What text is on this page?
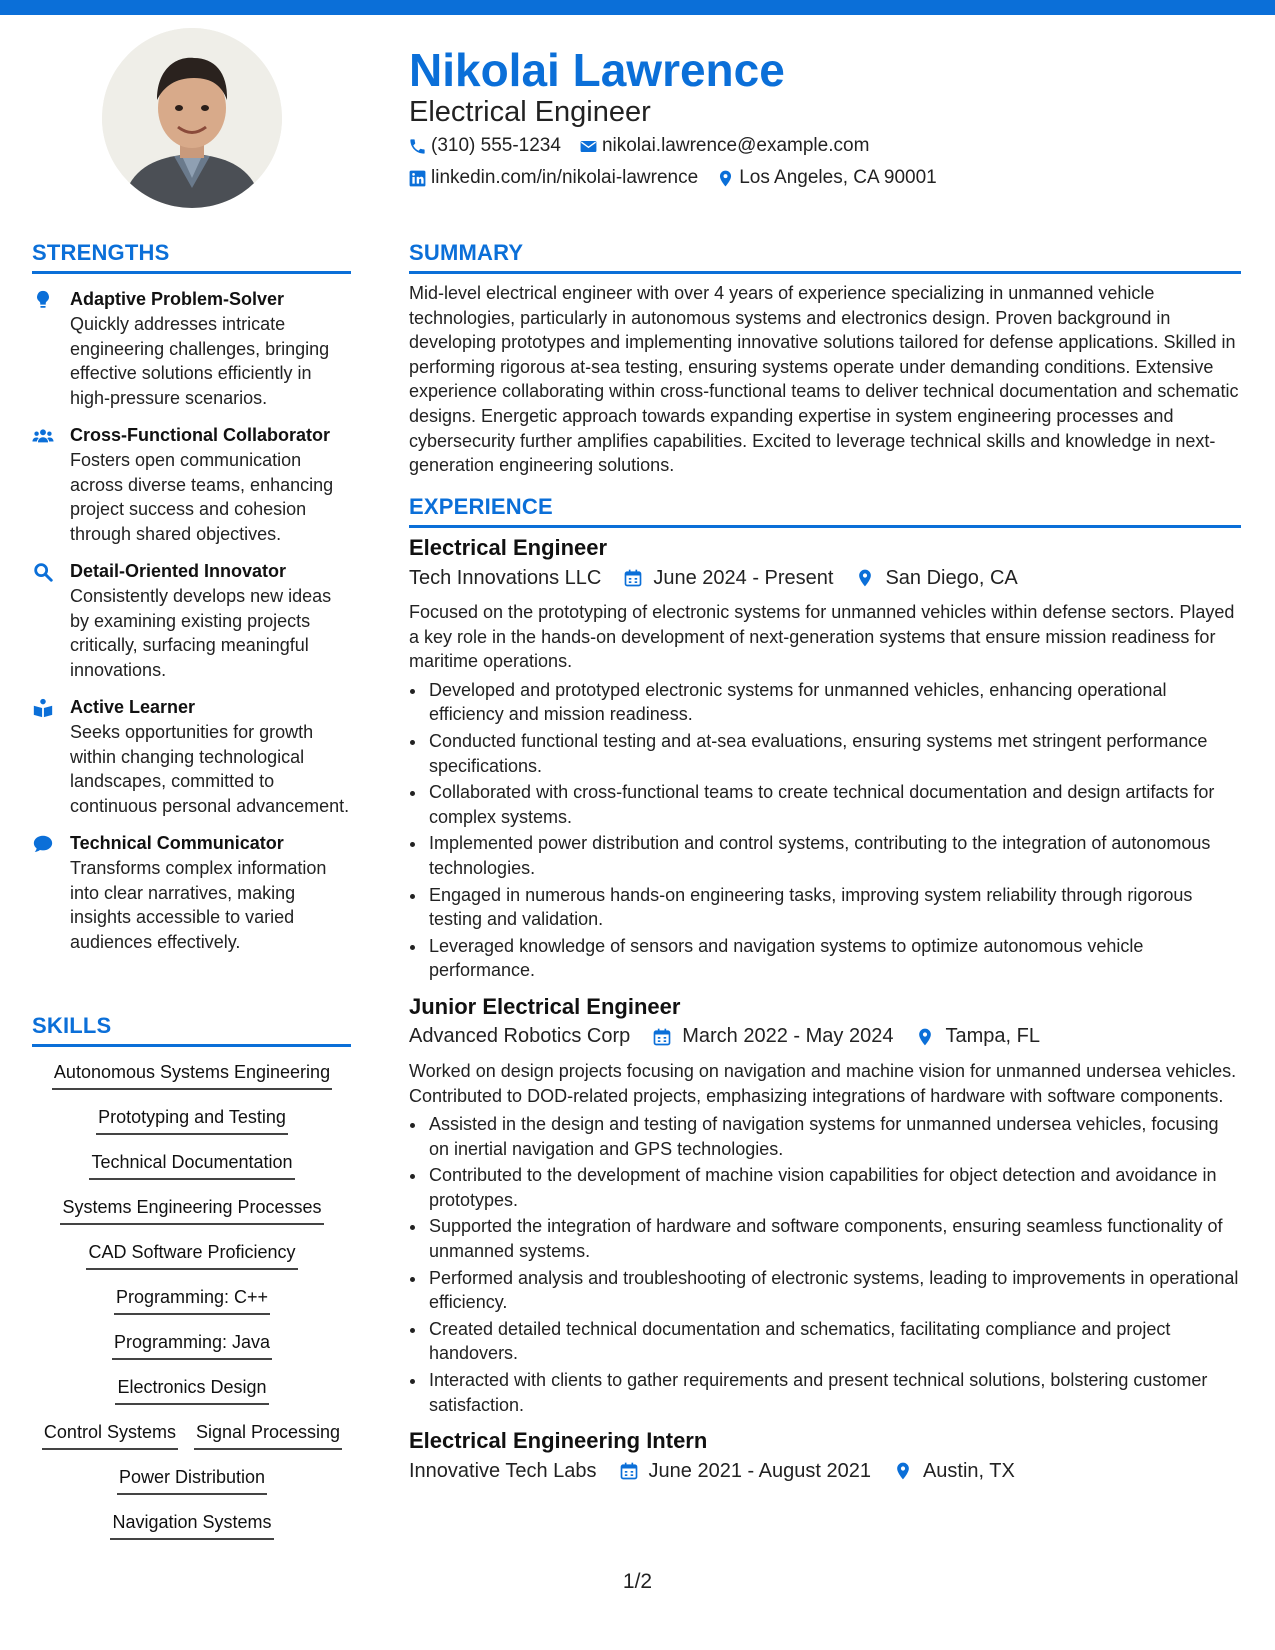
Nikolai Lawrence
Electrical Engineer
(310) 555-1234 nikolai.lawrence@example.com
linkedin.com/in/nikolai-lawrence Los Angeles, CA 90001
STRENGTHS
Adaptive Problem-Solver
Quickly addresses intricate engineering challenges, bringing effective solutions efficiently in high-pressure scenarios.
Cross-Functional Collaborator
Fosters open communication across diverse teams, enhancing project success and cohesion through shared objectives.
Detail-Oriented Innovator
Consistently develops new ideas by examining existing projects critically, surfacing meaningful innovations.
Active Learner
Seeks opportunities for growth within changing technological landscapes, committed to continuous personal advancement.
Technical Communicator
Transforms complex information into clear narratives, making insights accessible to varied audiences effectively.
SKILLS
Autonomous Systems Engineering
Prototyping and Testing
Technical Documentation
Systems Engineering Processes
CAD Software Proficiency
Programming: C++
Programming: Java
Electronics Design
Control Systems Signal Processing
Power Distribution
Navigation Systems
SUMMARY

Mid-level electrical engineer with over 4 years of experience specializing in unmanned vehicle technologies, particularly in autonomous systems and electronics design. Proven background in developing prototypes and implementing innovative solutions tailored for defense applications. Skilled in performing rigorous at-sea testing, ensuring systems operate under demanding conditions. Extensive experience collaborating within cross-functional teams to deliver technical documentation and schematic designs. Energetic approach towards expanding expertise in system engineering processes and cybersecurity further amplifies capabilities. Excited to leverage technical skills and knowledge in next-generation engineering solutions.

EXPERIENCE
Electrical Engineer
Tech Innovations LLC	June 2024 - Present	San Diego, CA

Focused on the prototyping of electronic systems for unmanned vehicles within defense sectors. Played a key role in the hands-on development of next-generation systems that ensure mission readiness for maritime operations.

• Developed and prototyped electronic systems for unmanned vehicles, enhancing operational efficiency and mission readiness.
• Conducted functional testing and at-sea evaluations, ensuring systems met stringent performance specifications.
• Collaborated with cross-functional teams to create technical documentation and design artifacts for complex systems.
• Implemented power distribution and control systems, contributing to the integration of autonomous technologies.
• Engaged in numerous hands-on engineering tasks, improving system reliability through rigorous testing and validation.
• Leveraged knowledge of sensors and navigation systems to optimize autonomous vehicle performance.
Junior Electrical Engineer
Advanced Robotics Corp	March 2022 - May 2024	Tampa, FL

Worked on design projects focusing on navigation and machine vision for unmanned undersea vehicles. Contributed to DOD-related projects, emphasizing integrations of hardware with software components.

• Assisted in the design and testing of navigation systems for unmanned undersea vehicles, focusing on inertial navigation and GPS technologies.
• Contributed to the development of machine vision capabilities for object detection and avoidance in prototypes.
• Supported the integration of hardware and software components, ensuring seamless functionality of unmanned systems.
• Performed analysis and troubleshooting of electronic systems, leading to improvements in operational efficiency.
• Created detailed technical documentation and schematics, facilitating compliance and project handovers.
• Interacted with clients to gather requirements and present technical solutions, bolstering customer satisfaction.
Electrical Engineering Intern
Innovative Tech Labs	June 2021 - August 2021	Austin, TX
1/2
